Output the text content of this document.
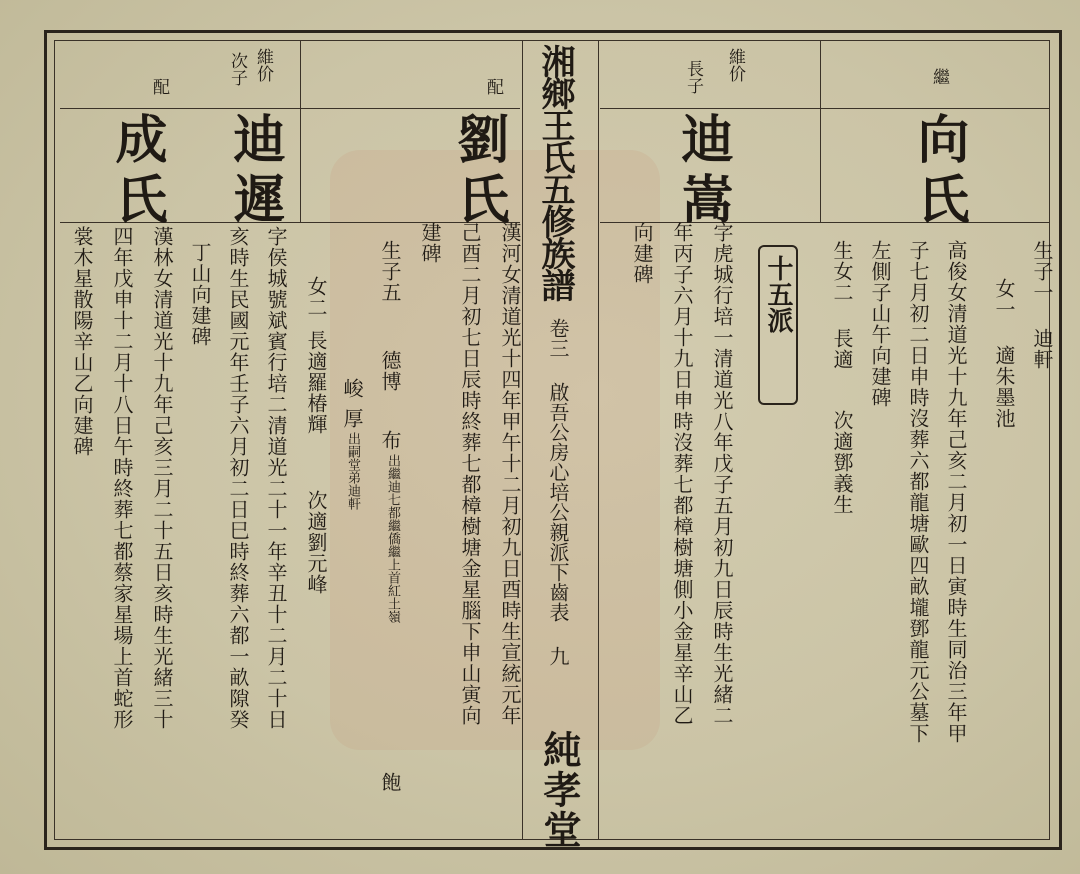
湘鄉王氏五修族譜
卷三 啟吾公房心培公親派下齒表 九
純孝堂
繼
向氏
生子一 迪軒
女一 適朱墨池
高俊女清道光十九年己亥二月初一日寅時生同治三年甲
子七月初二日申時沒葬六都龍塘歐四畝壠鄧龍元公墓下
左側子山午向建碑
生女二 長適
次適鄧義生
十五派
維价
長子
迪嵩
字虎城行培一清道光八年戊子五月初九日辰時生光緒二
年丙子六月十九日申時沒葬七都樟樹塘側小金星辛山乙
向建碑
配
劉氏
漢河女清道光十四年甲午十二月初九日酉時生宣統元年
己酉二月初七日辰時終葬七都樟樹塘金星腦下申山寅向
建碑
生子五
德博
峻
厚
出嗣堂弟迪軒 布
出繼迪七都繼僑繼上首紅土嶺
飽
女二
長適羅椿輝
次適劉元峰
維价
次子
迪遲
字侯城號斌賓行培二清道光二十一年辛丑十二月二十日
亥時生民國元年壬子六月初二日巳時終葬六都一畝隙癸
丁山向建碑
配
成氏
漢林女清道光十九年己亥三月二十五日亥時生光緒三十
四年戊申十二月十八日午時終葬七都蔡家星場上首蛇形
裳木星散陽辛山乙向建碑
